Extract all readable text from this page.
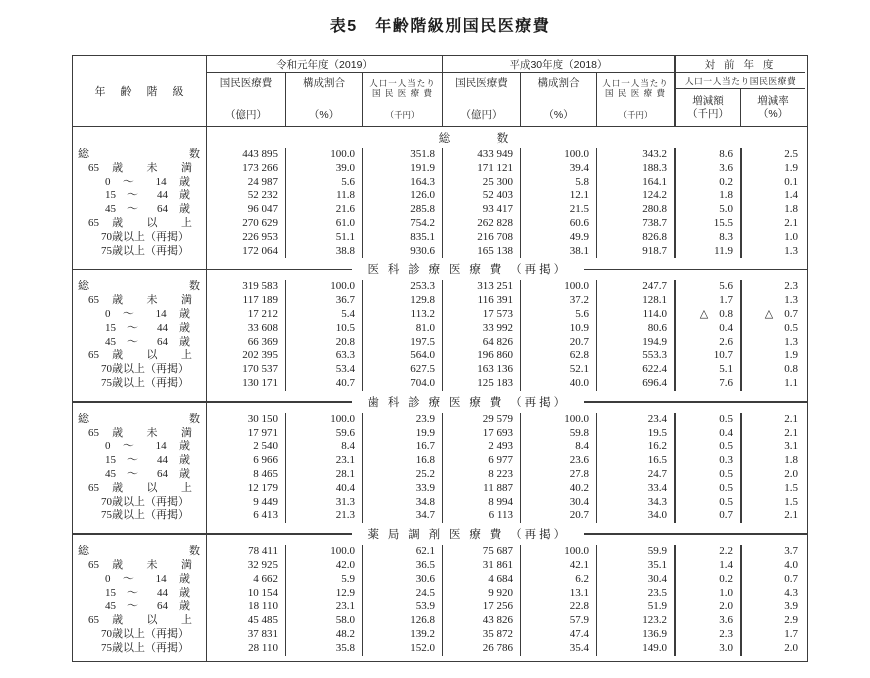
表5　年齢階級別国民医療費
年　齢　階　級
令和元年度（2019）	平成30年度（2018）	対 前 年 度
国民医療費
（億円）
構成割合
（%）
人口一人当たり
国 民 医 療 費
（千円）
国民医療費
（億円）
構成割合
（%）
人口一人当たり
国 民 医 療 費
（千円）
人口一人当たり国民医療費
増減額
（千円）
増減率
（%）
総　　　数
総 数	443 895	100.0	351.8	433 949	100.0	343.2	8.6	2.5
65 歳 未 満	173 266	39.0	191.9	171 121	39.4	188.3	3.6	1.9
0 ～ 14 歳	24 987	5.6	164.3	25 300	5.8	164.1	0.2	0.1
15 ～ 44 歳	52 232	11.8	126.0	52 403	12.1	124.2	1.8	1.4
45 ～ 64 歳	96 047	21.6	285.8	93 417	21.5	280.8	5.0	1.8
65 歳 以 上	270 629	61.0	754.2	262 828	60.6	738.7	15.5	2.1
70歳以上（再掲）	226 953	51.1	835.1	216 708	49.9	826.8	8.3	1.0
75歳以上（再掲）	172 064	38.8	930.6	165 138	38.1	918.7	11.9	1.3
医 科 診 療 医 療 費 （再掲）
総 数	319 583	100.0	253.3	313 251	100.0	247.7	5.6	2.3
65 歳 未 満	117 189	36.7	129.8	116 391	37.2	128.1	1.7	1.3
0 ～ 14 歳	17 212	5.4	113.2	17 573	5.6	114.0	△　0.8	△　0.7
15 ～ 44 歳	33 608	10.5	81.0	33 992	10.9	80.6	0.4	0.5
45 ～ 64 歳	66 369	20.8	197.5	64 826	20.7	194.9	2.6	1.3
65 歳 以 上	202 395	63.3	564.0	196 860	62.8	553.3	10.7	1.9
70歳以上（再掲）	170 537	53.4	627.5	163 136	52.1	622.4	5.1	0.8
75歳以上（再掲）	130 171	40.7	704.0	125 183	40.0	696.4	7.6	1.1
歯 科 診 療 医 療 費 （再掲）
総 数	30 150	100.0	23.9	29 579	100.0	23.4	0.5	2.1
65 歳 未 満	17 971	59.6	19.9	17 693	59.8	19.5	0.4	2.1
0 ～ 14 歳	2 540	8.4	16.7	2 493	8.4	16.2	0.5	3.1
15 ～ 44 歳	6 966	23.1	16.8	6 977	23.6	16.5	0.3	1.8
45 ～ 64 歳	8 465	28.1	25.2	8 223	27.8	24.7	0.5	2.0
65 歳 以 上	12 179	40.4	33.9	11 887	40.2	33.4	0.5	1.5
70歳以上（再掲）	9 449	31.3	34.8	8 994	30.4	34.3	0.5	1.5
75歳以上（再掲）	6 413	21.3	34.7	6 113	20.7	34.0	0.7	2.1
薬 局 調 剤 医 療 費 （再掲）
総 数	78 411	100.0	62.1	75 687	100.0	59.9	2.2	3.7
65 歳 未 満	32 925	42.0	36.5	31 861	42.1	35.1	1.4	4.0
0 ～ 14 歳	4 662	5.9	30.6	4 684	6.2	30.4	0.2	0.7
15 ～ 44 歳	10 154	12.9	24.5	9 920	13.1	23.5	1.0	4.3
45 ～ 64 歳	18 110	23.1	53.9	17 256	22.8	51.9	2.0	3.9
65 歳 以 上	45 485	58.0	126.8	43 826	57.9	123.2	3.6	2.9
70歳以上（再掲）	37 831	48.2	139.2	35 872	47.4	136.9	2.3	1.7
75歳以上（再掲）	28 110	35.8	152.0	26 786	35.4	149.0	3.0	2.0
